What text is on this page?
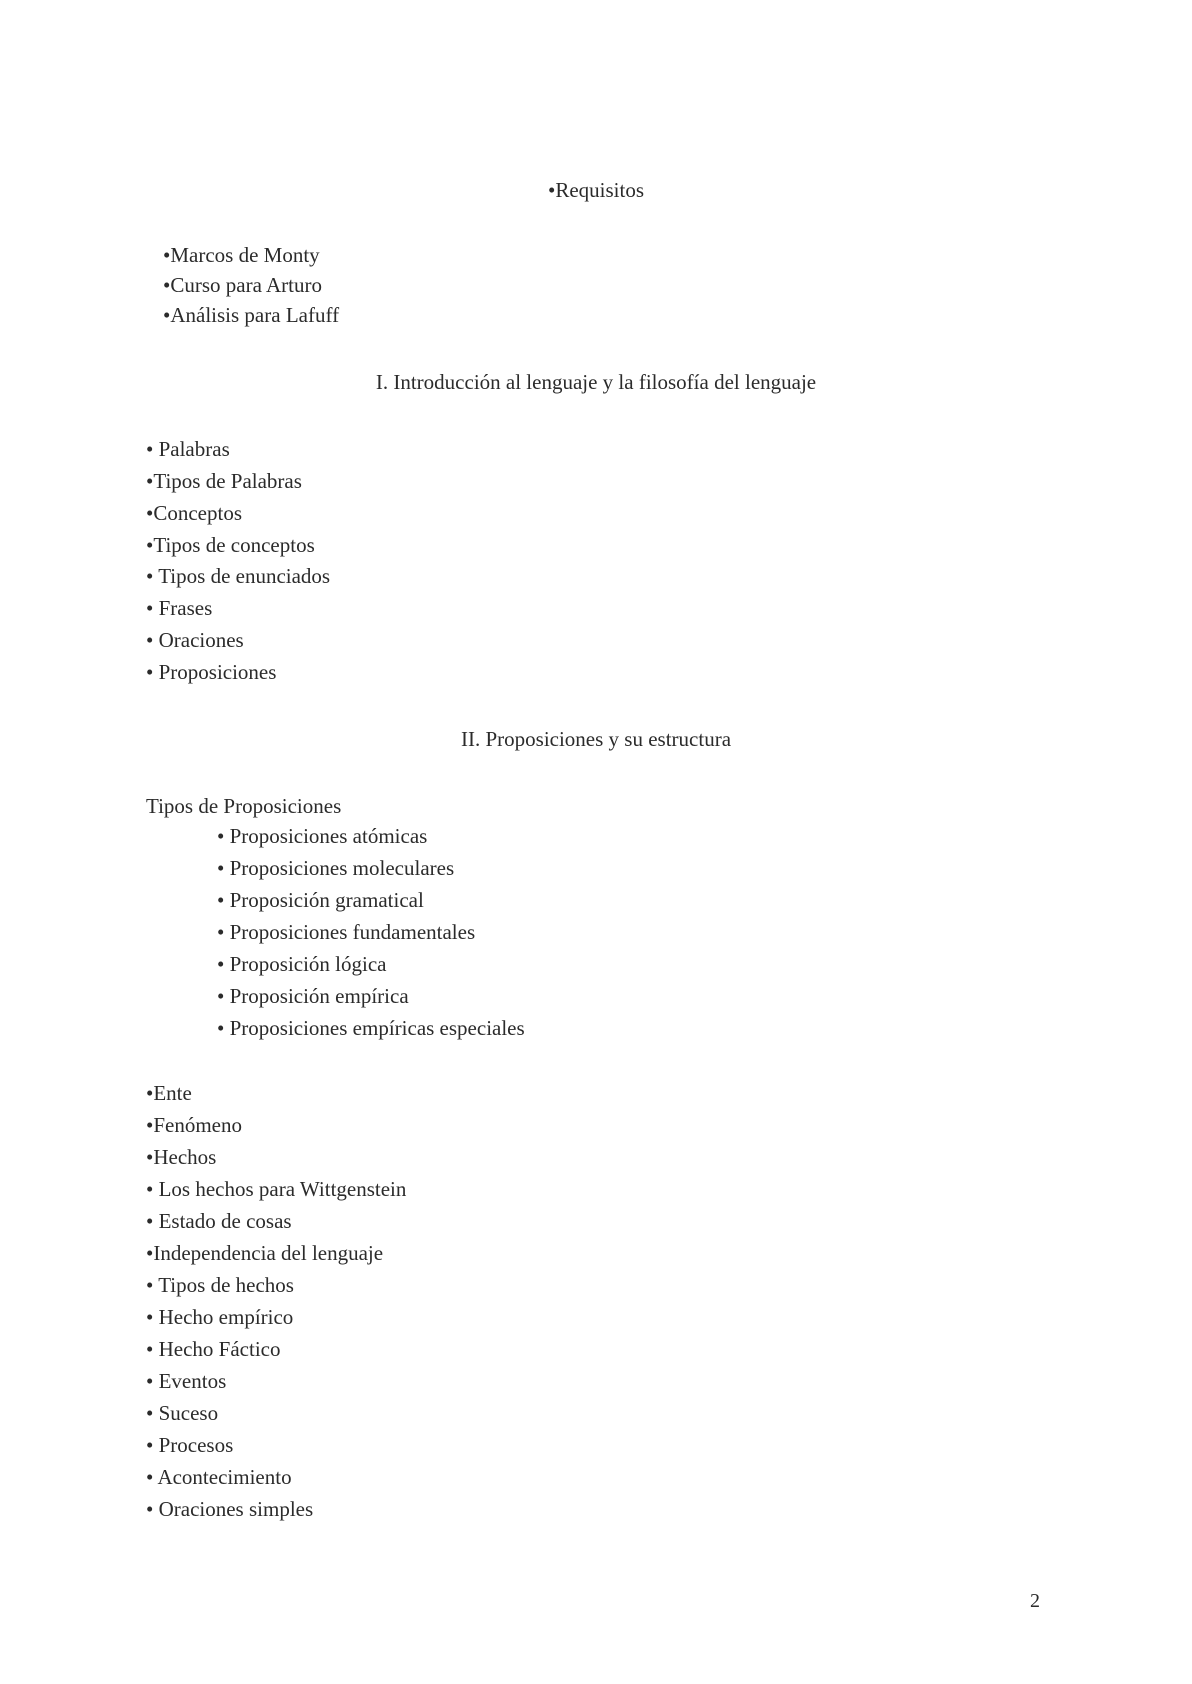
•Requisitos
•Marcos de Monty
•Curso para Arturo
•Análisis para Lafuff
I. Introducción al lenguaje y la filosofía del lenguaje
• Palabras
•Tipos de Palabras
•Conceptos
•Tipos de conceptos
• Tipos de enunciados
• Frases
• Oraciones
• Proposiciones
II. Proposiciones y su estructura
Tipos de Proposiciones
• Proposiciones atómicas
• Proposiciones moleculares
• Proposición gramatical
• Proposiciones fundamentales
• Proposición lógica
• Proposición empírica
• Proposiciones empíricas especiales
•Ente
•Fenómeno
•Hechos
• Los hechos para Wittgenstein
• Estado de cosas
•Independencia del lenguaje
• Tipos de hechos
• Hecho empírico
• Hecho Fáctico
• Eventos
• Suceso
• Procesos
• Acontecimiento
• Oraciones simples
2
